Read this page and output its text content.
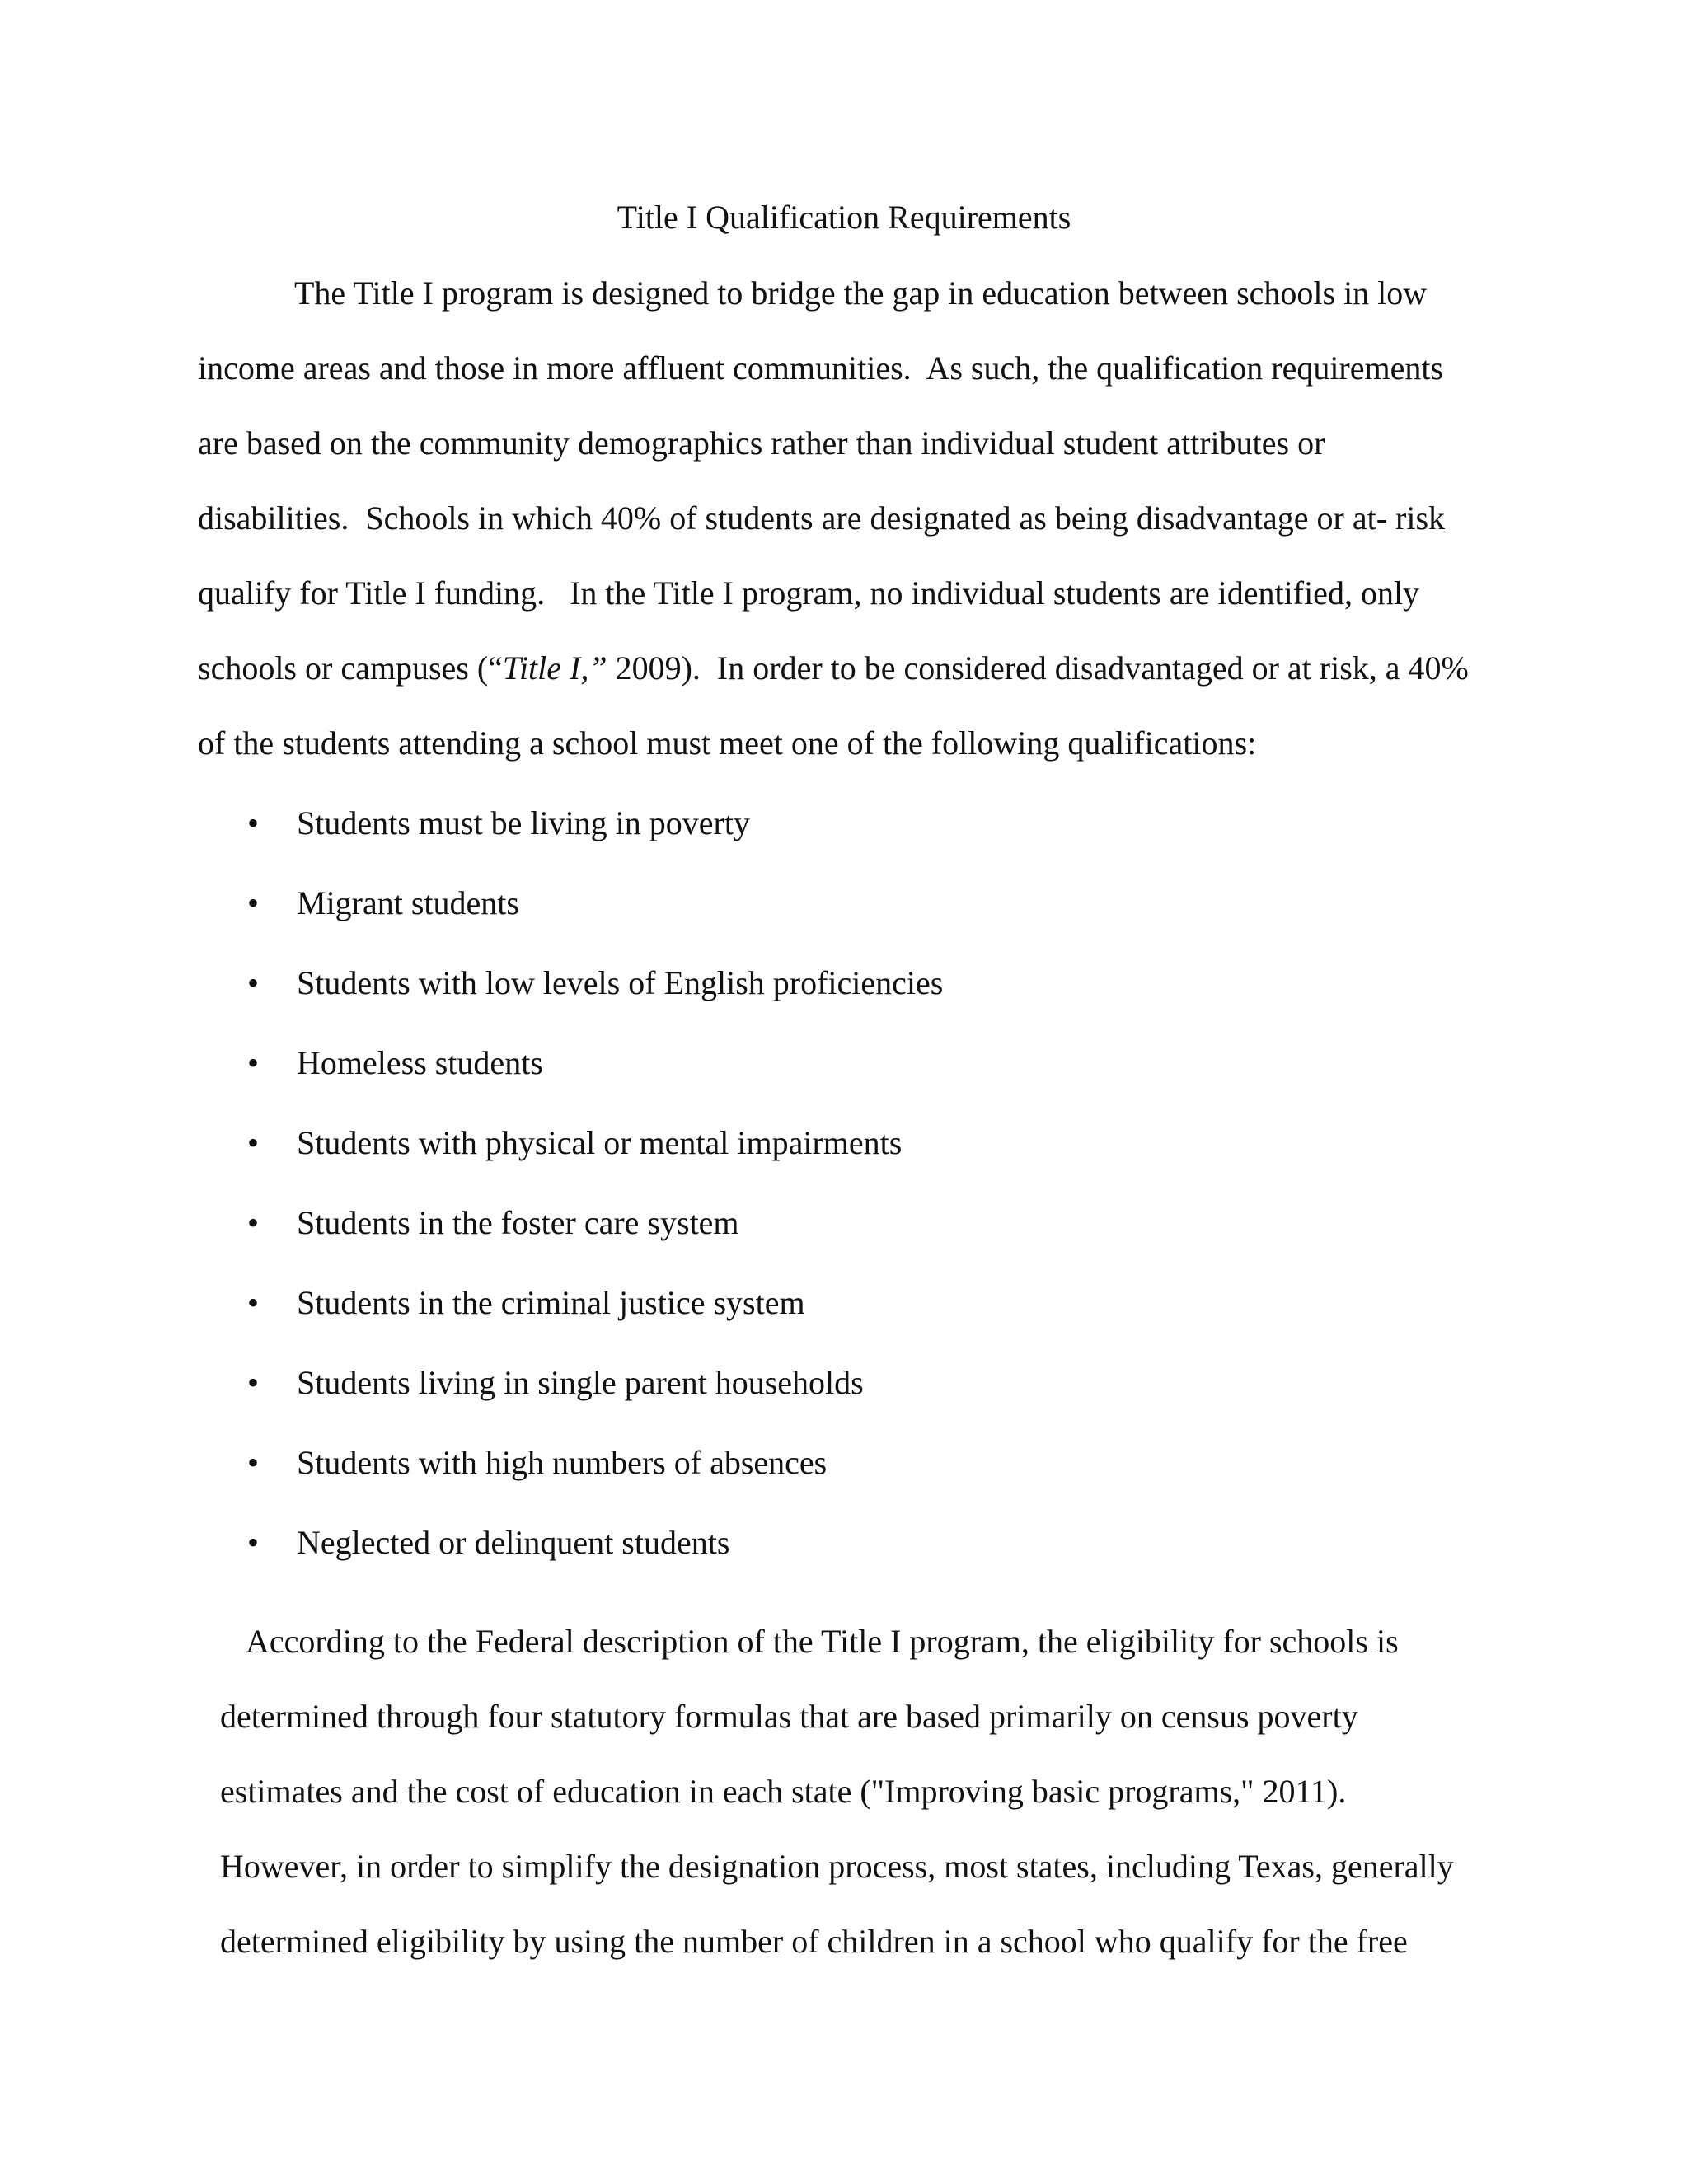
Title I Qualification Requirements

The Title I program is designed to bridge the gap in education between schools in low

income areas and those in more affluent communities.  As such, the qualification requirements

are based on the community demographics rather than individual student attributes or

disabilities.  Schools in which 40% of students are designated as being disadvantage or at- risk

qualify for Title I funding.   In the Title I program, no individual students are identified, only

schools or campuses (“Title I,” 2009).  In order to be considered disadvantaged or at risk, a 40%

of the students attending a school must meet one of the following qualifications:

•

	Students must be living in poverty

•

	Migrant students

•

	Students with low levels of English proficiencies

•

	Homeless students

•

	Students with physical or mental impairments

•

	Students in the foster care system

•

	Students in the criminal justice system

•

	Students living in single parent households

•

	Students with high numbers of absences

•

	Neglected or delinquent students

According to the Federal description of the Title I program, the eligibility for schools is

determined through four statutory formulas that are based primarily on census poverty

estimates and the cost of education in each state ("Improving basic programs," 2011).

However, in order to simplify the designation process, most states, including Texas, generally

determined eligibility by using the number of children in a school who qualify for the free
